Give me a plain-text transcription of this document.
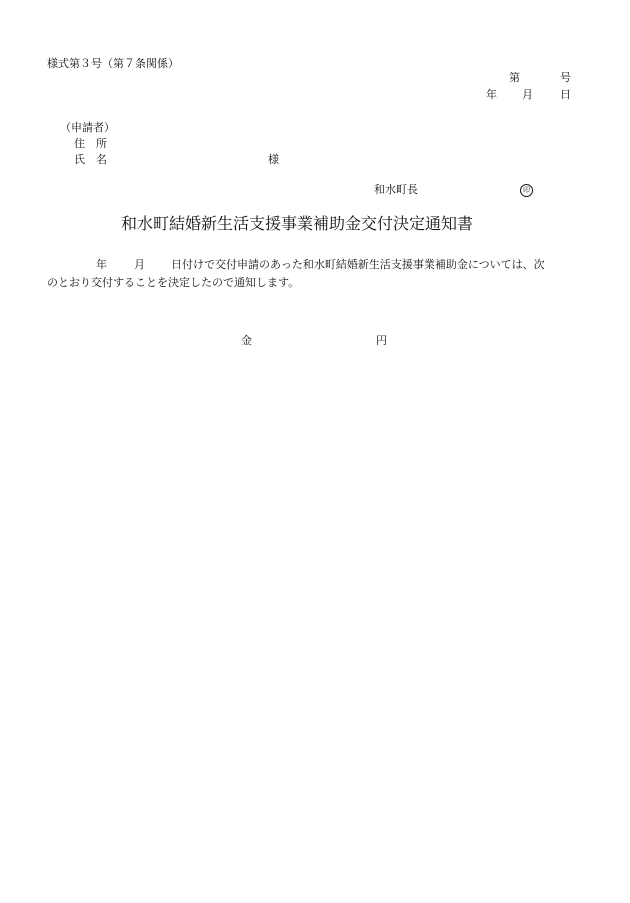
様式第３号（第７条関係）
第	号
年 月 日
（申請者）
住　所
氏　名	様
和水町長	印
和水町結婚新生活支援事業補助金交付決定通知書
年 月 日付けで交付申請のあった和水町結婚新生活支援事業補助金については、次
のとおり交付することを決定したので通知します。
金	円
